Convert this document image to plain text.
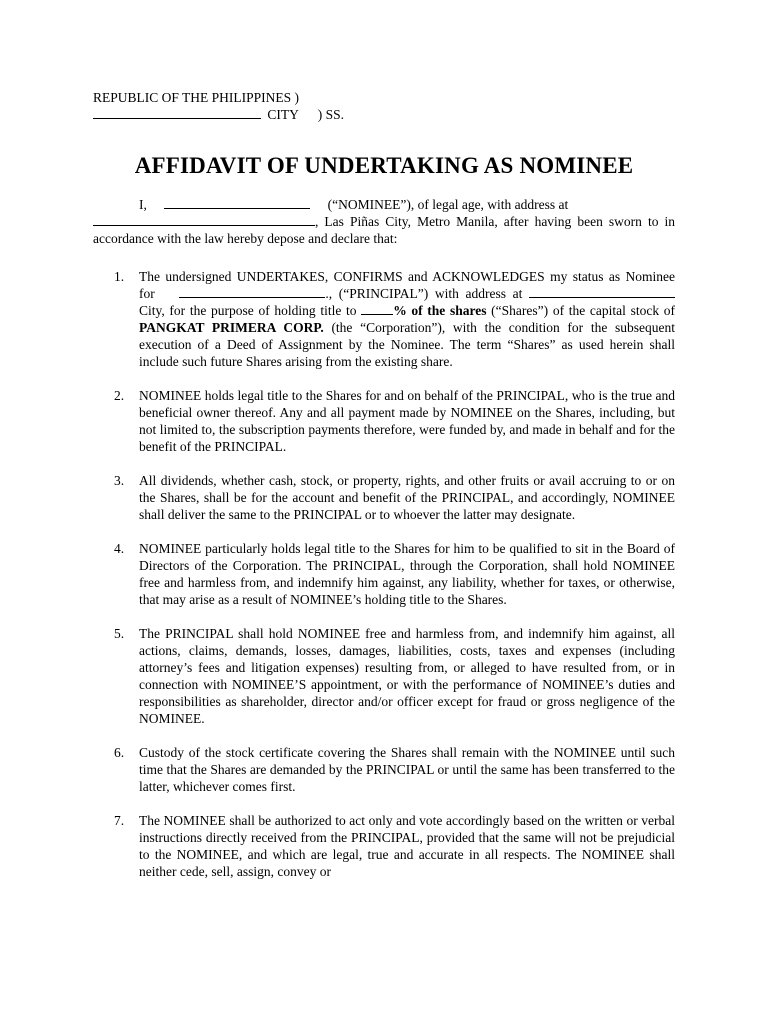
REPUBLIC OF THE PHILIPPINES )
CITY ) SS.
AFFIDAVIT OF UNDERTAKING AS NOMINEE
I,	(“NOMINEE”), of legal age, with address at
, Las Piñas City, Metro Manila, after having been sworn to in accordance with the law hereby depose and declare that:
1. The undersigned UNDERTAKES, CONFIRMS and ACKNOWLEDGES my status as Nominee for	., (“PRINCIPAL”) with address at City, for the purpose of holding title to	% of the shares (“Shares”) of the capital stock of PANGKAT PRIMERA CORP. (the “Corporation”), with the condition for the subsequent execution of a Deed of Assignment by the Nominee. The term “Shares” as used herein shall include such future Shares arising from the existing share.
2. NOMINEE holds legal title to the Shares for and on behalf of the PRINCIPAL, who is the true and beneficial owner thereof. Any and all payment made by NOMINEE on the Shares, including, but not limited to, the subscription payments therefore, were funded by, and made in behalf and for the benefit of the PRINCIPAL.
3. All dividends, whether cash, stock, or property, rights, and other fruits or avail accruing to or on the Shares, shall be for the account and benefit of the PRINCIPAL, and accordingly, NOMINEE shall deliver the same to the PRINCIPAL or to whoever the latter may designate.
4. NOMINEE particularly holds legal title to the Shares for him to be qualified to sit in the Board of Directors of the Corporation. The PRINCIPAL, through the Corporation, shall hold NOMINEE free and harmless from, and indemnify him against, any liability, whether for taxes, or otherwise, that may arise as a result of NOMINEE’s holding title to the Shares.
5. The PRINCIPAL shall hold NOMINEE free and harmless from, and indemnify him against, all actions, claims, demands, losses, damages, liabilities, costs, taxes and expenses (including attorney’s fees and litigation expenses) resulting from, or alleged to have resulted from, or in connection with NOMINEE’S appointment, or with the performance of NOMINEE’s duties and responsibilities as shareholder, director and/or officer except for fraud or gross negligence of the NOMINEE.
6. Custody of the stock certificate covering the Shares shall remain with the NOMINEE until such time that the Shares are demanded by the PRINCIPAL or until the same has been transferred to the latter, whichever comes first.
7. The NOMINEE shall be authorized to act only and vote accordingly based on the written or verbal instructions directly received from the PRINCIPAL, provided that the same will not be prejudicial to the NOMINEE, and which are legal, true and accurate in all respects. The NOMINEE shall neither cede, sell, assign, convey or
